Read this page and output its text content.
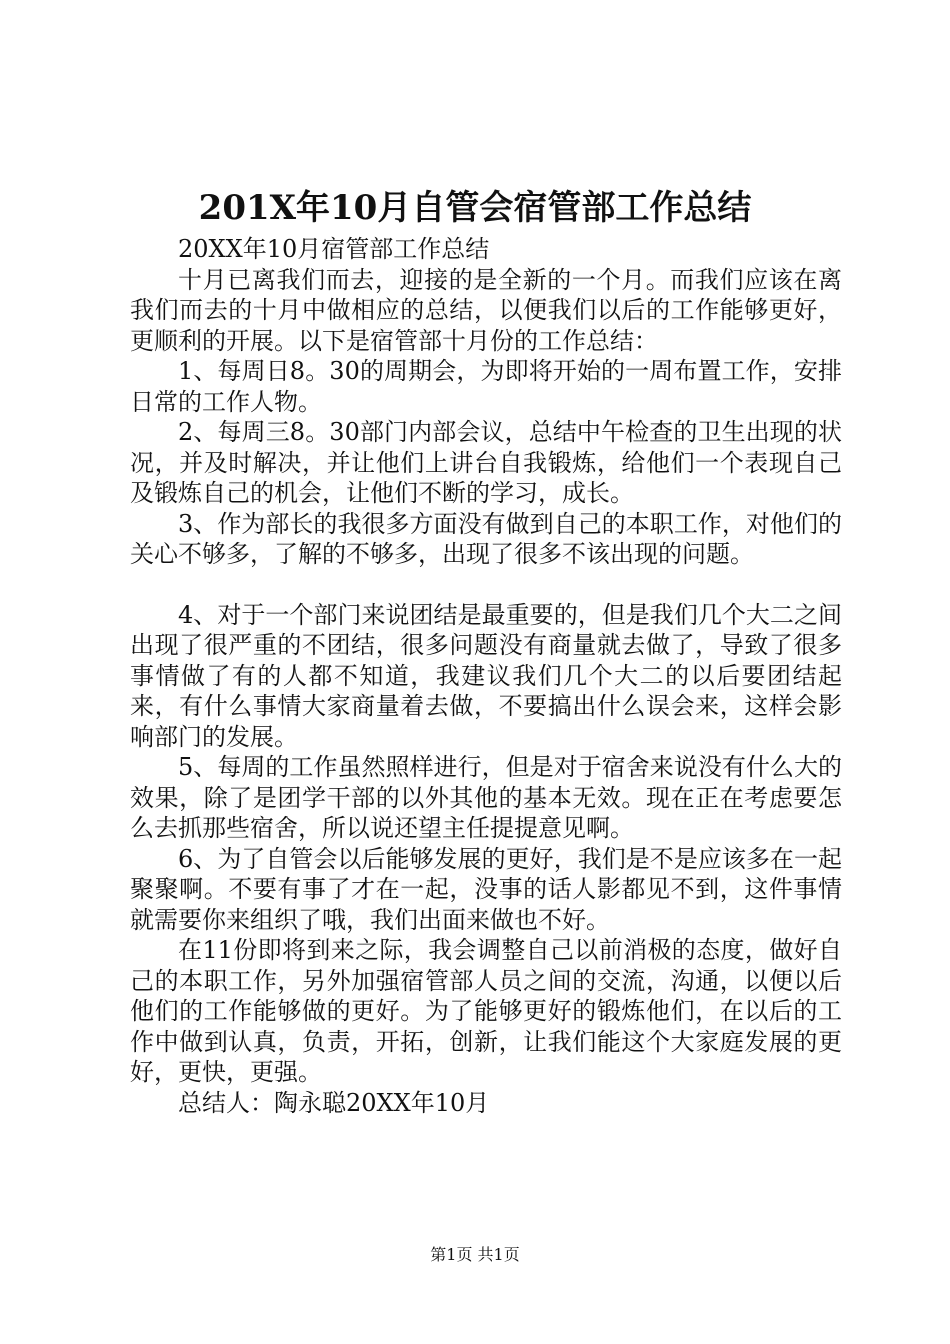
201X年10月自管会宿管部工作总结

20XX年10月宿管部工作总结

十月已离我们而去，迎接的是全新的一个月。而我们应该在离我们而去的十月中做相应的总结，以便我们以后的工作能够更好，更顺利的开展。以下是宿管部十月份的工作总结：

1、每周日8。30的周期会，为即将开始的一周布置工作，安排日常的工作人物。

2、每周三8。30部门内部会议，总结中午检查的卫生出现的状况，并及时解决，并让他们上讲台自我锻炼，给他们一个表现自己及锻炼自己的机会，让他们不断的学习，成长。

3、作为部长的我很多方面没有做到自己的本职工作，对他们的关心不够多，了解的不够多，出现了很多不该出现的问题。

4、对于一个部门来说团结是最重要的，但是我们几个大二之间出现了很严重的不团结，很多问题没有商量就去做了，导致了很多事情做了有的人都不知道，我建议我们几个大二的以后要团结起来，有什么事情大家商量着去做，不要搞出什么误会来，这样会影响部门的发展。

5、每周的工作虽然照样进行，但是对于宿舍来说没有什么大的效果，除了是团学干部的以外其他的基本无效。现在正在考虑要怎么去抓那些宿舍，所以说还望主任提提意见啊。

6、为了自管会以后能够发展的更好，我们是不是应该多在一起聚聚啊。不要有事了才在一起，没事的话人影都见不到，这件事情就需要你来组织了哦，我们出面来做也不好。

在11份即将到来之际，我会调整自己以前消极的态度，做好自己的本职工作，另外加强宿管部人员之间的交流，沟通，以便以后他们的工作能够做的更好。为了能够更好的锻炼他们，在以后的工作中做到认真，负责，开拓，创新，让我们能这个大家庭发展的更好，更快，更强。

总结人：陶永聪20XX年10月

第1页 共1页
